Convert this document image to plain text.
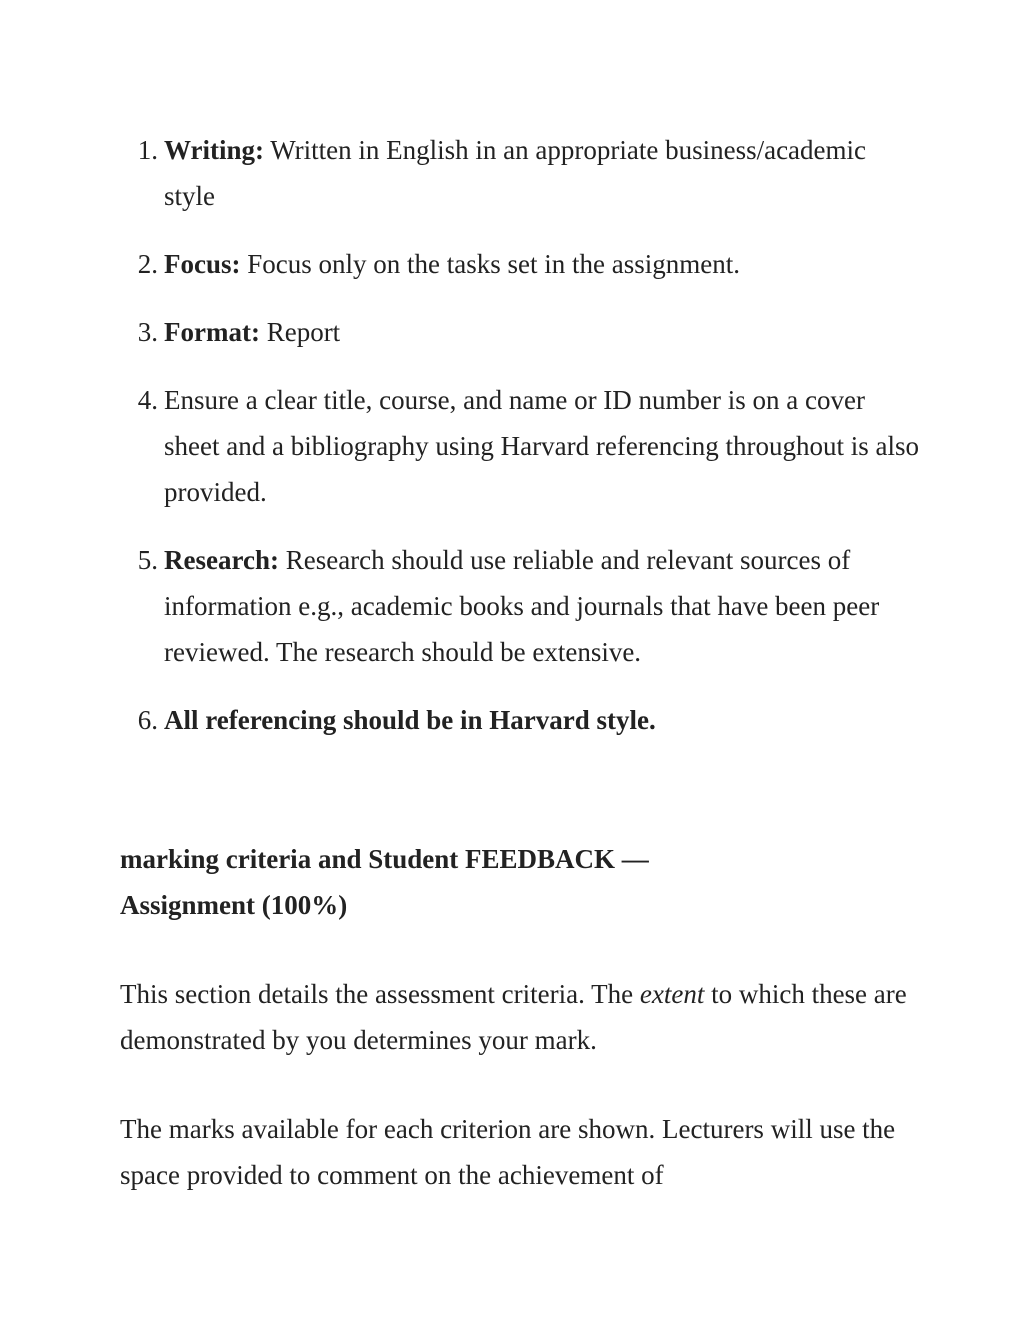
1. Writing: Written in English in an appropriate business/academic style
2. Focus: Focus only on the tasks set in the assignment.
3. Format: Report
4. Ensure a clear title, course, and name or ID number is on a cover sheet and a bibliography using Harvard referencing throughout is also provided.
5. Research: Research should use reliable and relevant sources of information e.g., academic books and journals that have been peer reviewed. The research should be extensive.
6. All referencing should be in Harvard style.
marking criteria and Student FEEDBACK —
Assignment (100%)

This section details the assessment criteria. The extent to which these are demonstrated by you determines your mark.

The marks available for each criterion are shown. Lecturers will use the space provided to comment on the achievement of
